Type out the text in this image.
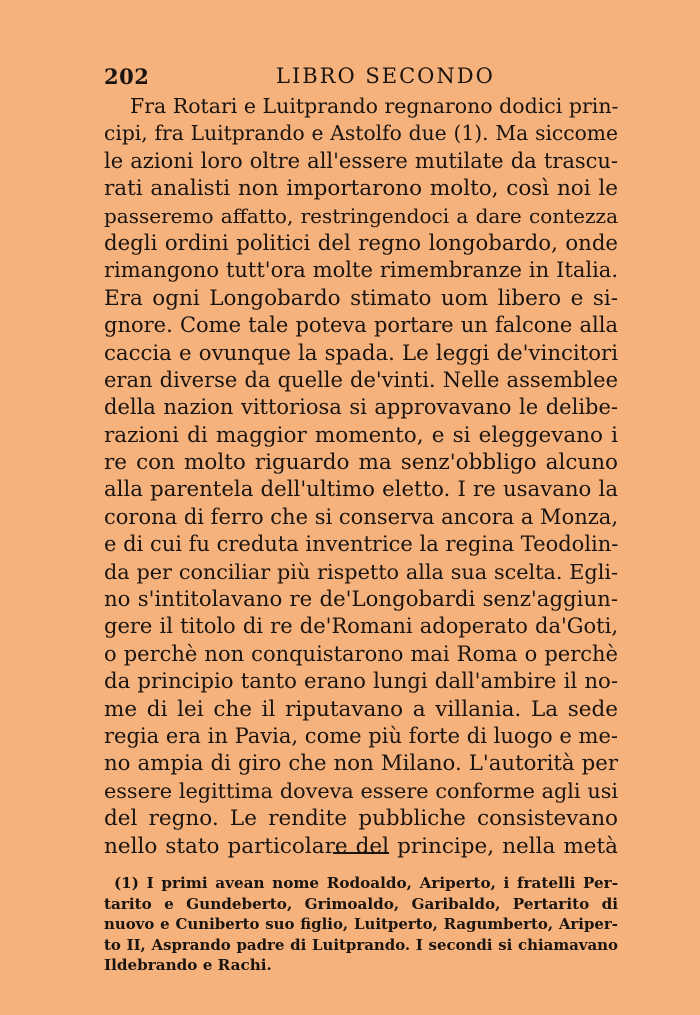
202	LIBRO SECONDO
Fra Rotari e Luitprando regnarono dodici prin-
cipi, fra Luitprando e Astolfo due (1). Ma siccome
le azioni loro oltre all'essere mutilate da trascu-
rati analisti non importarono molto, così noi le
passeremo affatto, restringendoci a dare contezza
degli ordini politici del regno longobardo, onde
rimangono tutt'ora molte rimembranze in Italia.
Era ogni Longobardo stimato uom libero e si-
gnore. Come tale poteva portare un falcone alla
caccia e ovunque la spada. Le leggi de'vincitori
eran diverse da quelle de'vinti. Nelle assemblee
della nazion vittoriosa si approvavano le delibe-
razioni di maggior momento, e si eleggevano i
re con molto riguardo ma senz'obbligo alcuno
alla parentela dell'ultimo eletto. I re usavano la
corona di ferro che si conserva ancora a Monza,
e di cui fu creduta inventrice la regina Teodolin-
da per conciliar più rispetto alla sua scelta. Egli-
no s'intitolavano re de'Longobardi senz'aggiun-
gere il titolo di re de'Romani adoperato da'Goti,
o perchè non conquistarono mai Roma o perchè
da principio tanto erano lungi dall'ambire il no-
me di lei che il riputavano a villania. La sede
regia era in Pavia, come più forte di luogo e me-
no ampia di giro che non Milano. L'autorità per
essere legittima doveva essere conforme agli usi
del regno. Le rendite pubbliche consistevano
nello stato particolare del principe, nella metà
(1) I primi avean nome Rodoaldo, Ariperto, i fratelli Per-
tarito e Gundeberto, Grimoaldo, Garibaldo, Pertarito di
nuovo e Cuniberto suo figlio, Luitperto, Ragumberto, Ariper-
to II, Asprando padre di Luitprando. I secondi si chiamavano
Ildebrando e Rachi.
